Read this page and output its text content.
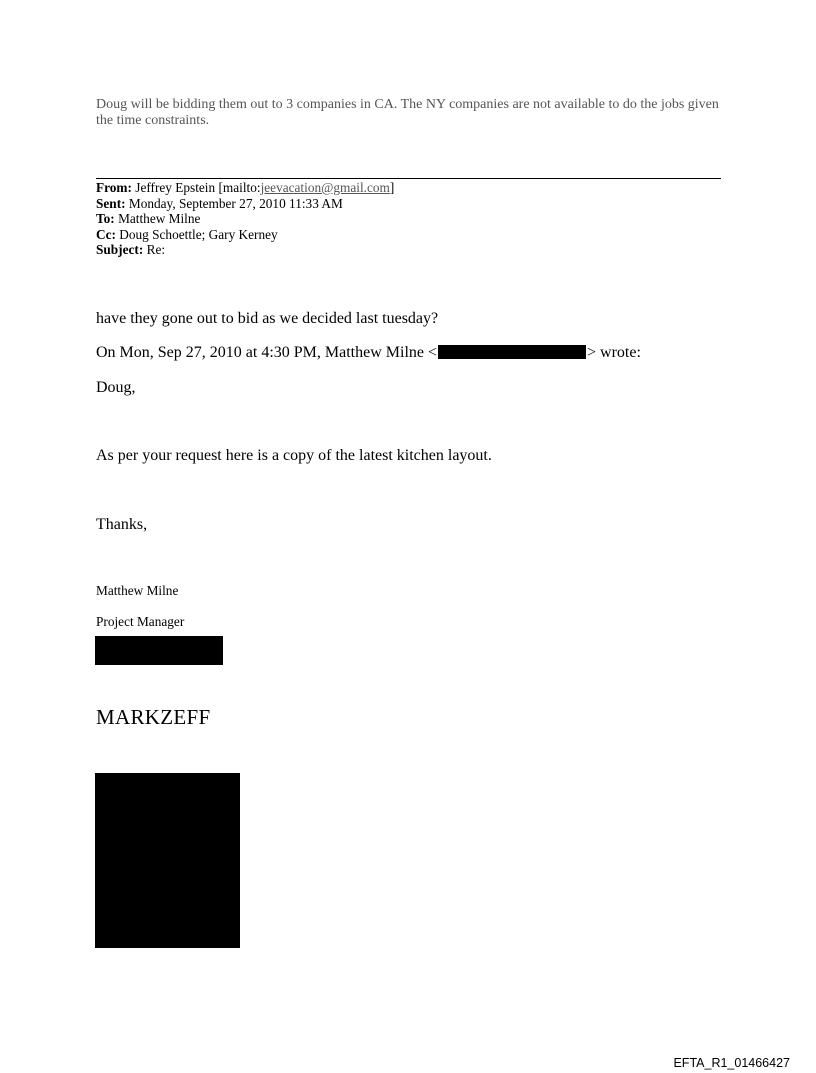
Doug will be bidding them out to 3 companies in CA. The NY companies are not available to do the jobs given the time constraints.
From: Jeffrey Epstein [mailto:jeevacation@gmail.com]
Sent: Monday, September 27, 2010 11:33 AM
To: Matthew Milne
Cc: Doug Schoettle; Gary Kerney
Subject: Re:
have they gone out to bid as we decided last tuesday?
On Mon, Sep 27, 2010 at 4:30 PM, Matthew Milne <	> wrote:
Doug,
As per your request here is a copy of the latest kitchen layout.
Thanks,
Matthew Milne
Project Manager
MARKZEFF
EFTA_R1_01466427
